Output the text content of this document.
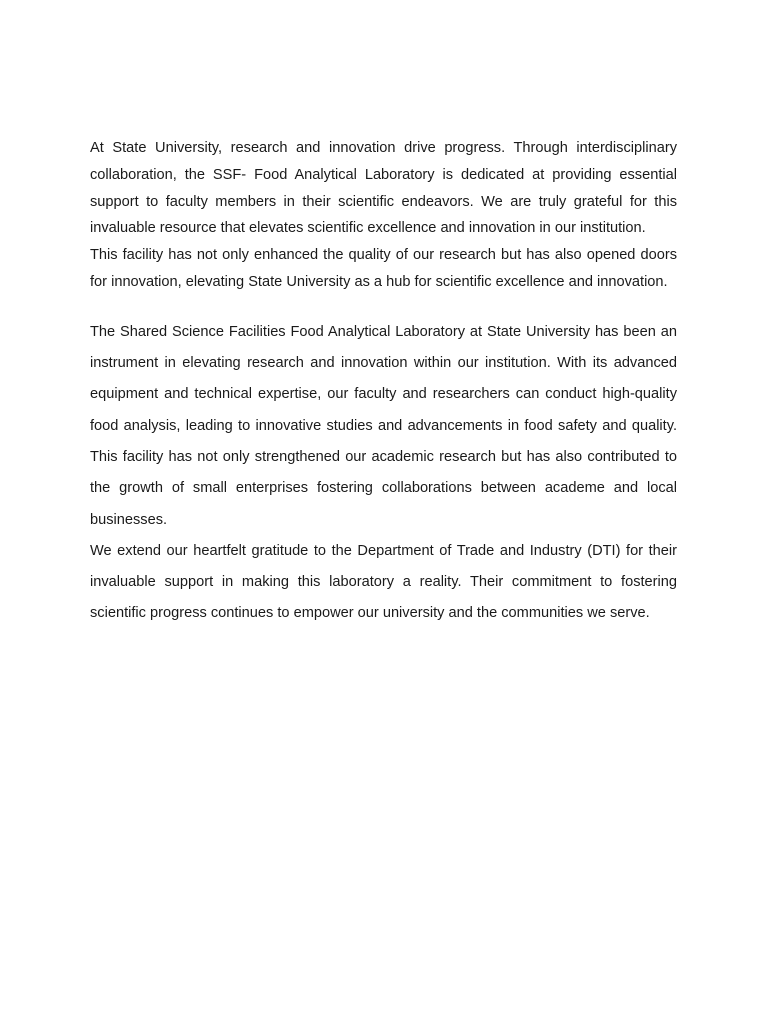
At State University, research and innovation drive progress. Through interdisciplinary collaboration, the SSF- Food Analytical Laboratory is dedicated at providing essential support to faculty members in their scientific endeavors. We are truly grateful for this invaluable resource that elevates scientific excellence and innovation in our institution.

This facility has not only enhanced the quality of our research but has also opened doors for innovation, elevating State University as a hub for scientific excellence and innovation.

The Shared Science Facilities Food Analytical Laboratory at State University has been an instrument in elevating research and innovation within our institution. With its advanced equipment and technical expertise, our faculty and researchers can conduct high-quality food analysis, leading to innovative studies and advancements in food safety and quality. This facility has not only strengthened our academic research but has also contributed to the growth of small enterprises fostering collaborations between academe and local businesses.

We extend our heartfelt gratitude to the Department of Trade and Industry (DTI) for their invaluable support in making this laboratory a reality. Their commitment to fostering scientific progress continues to empower our university and the communities we serve.
